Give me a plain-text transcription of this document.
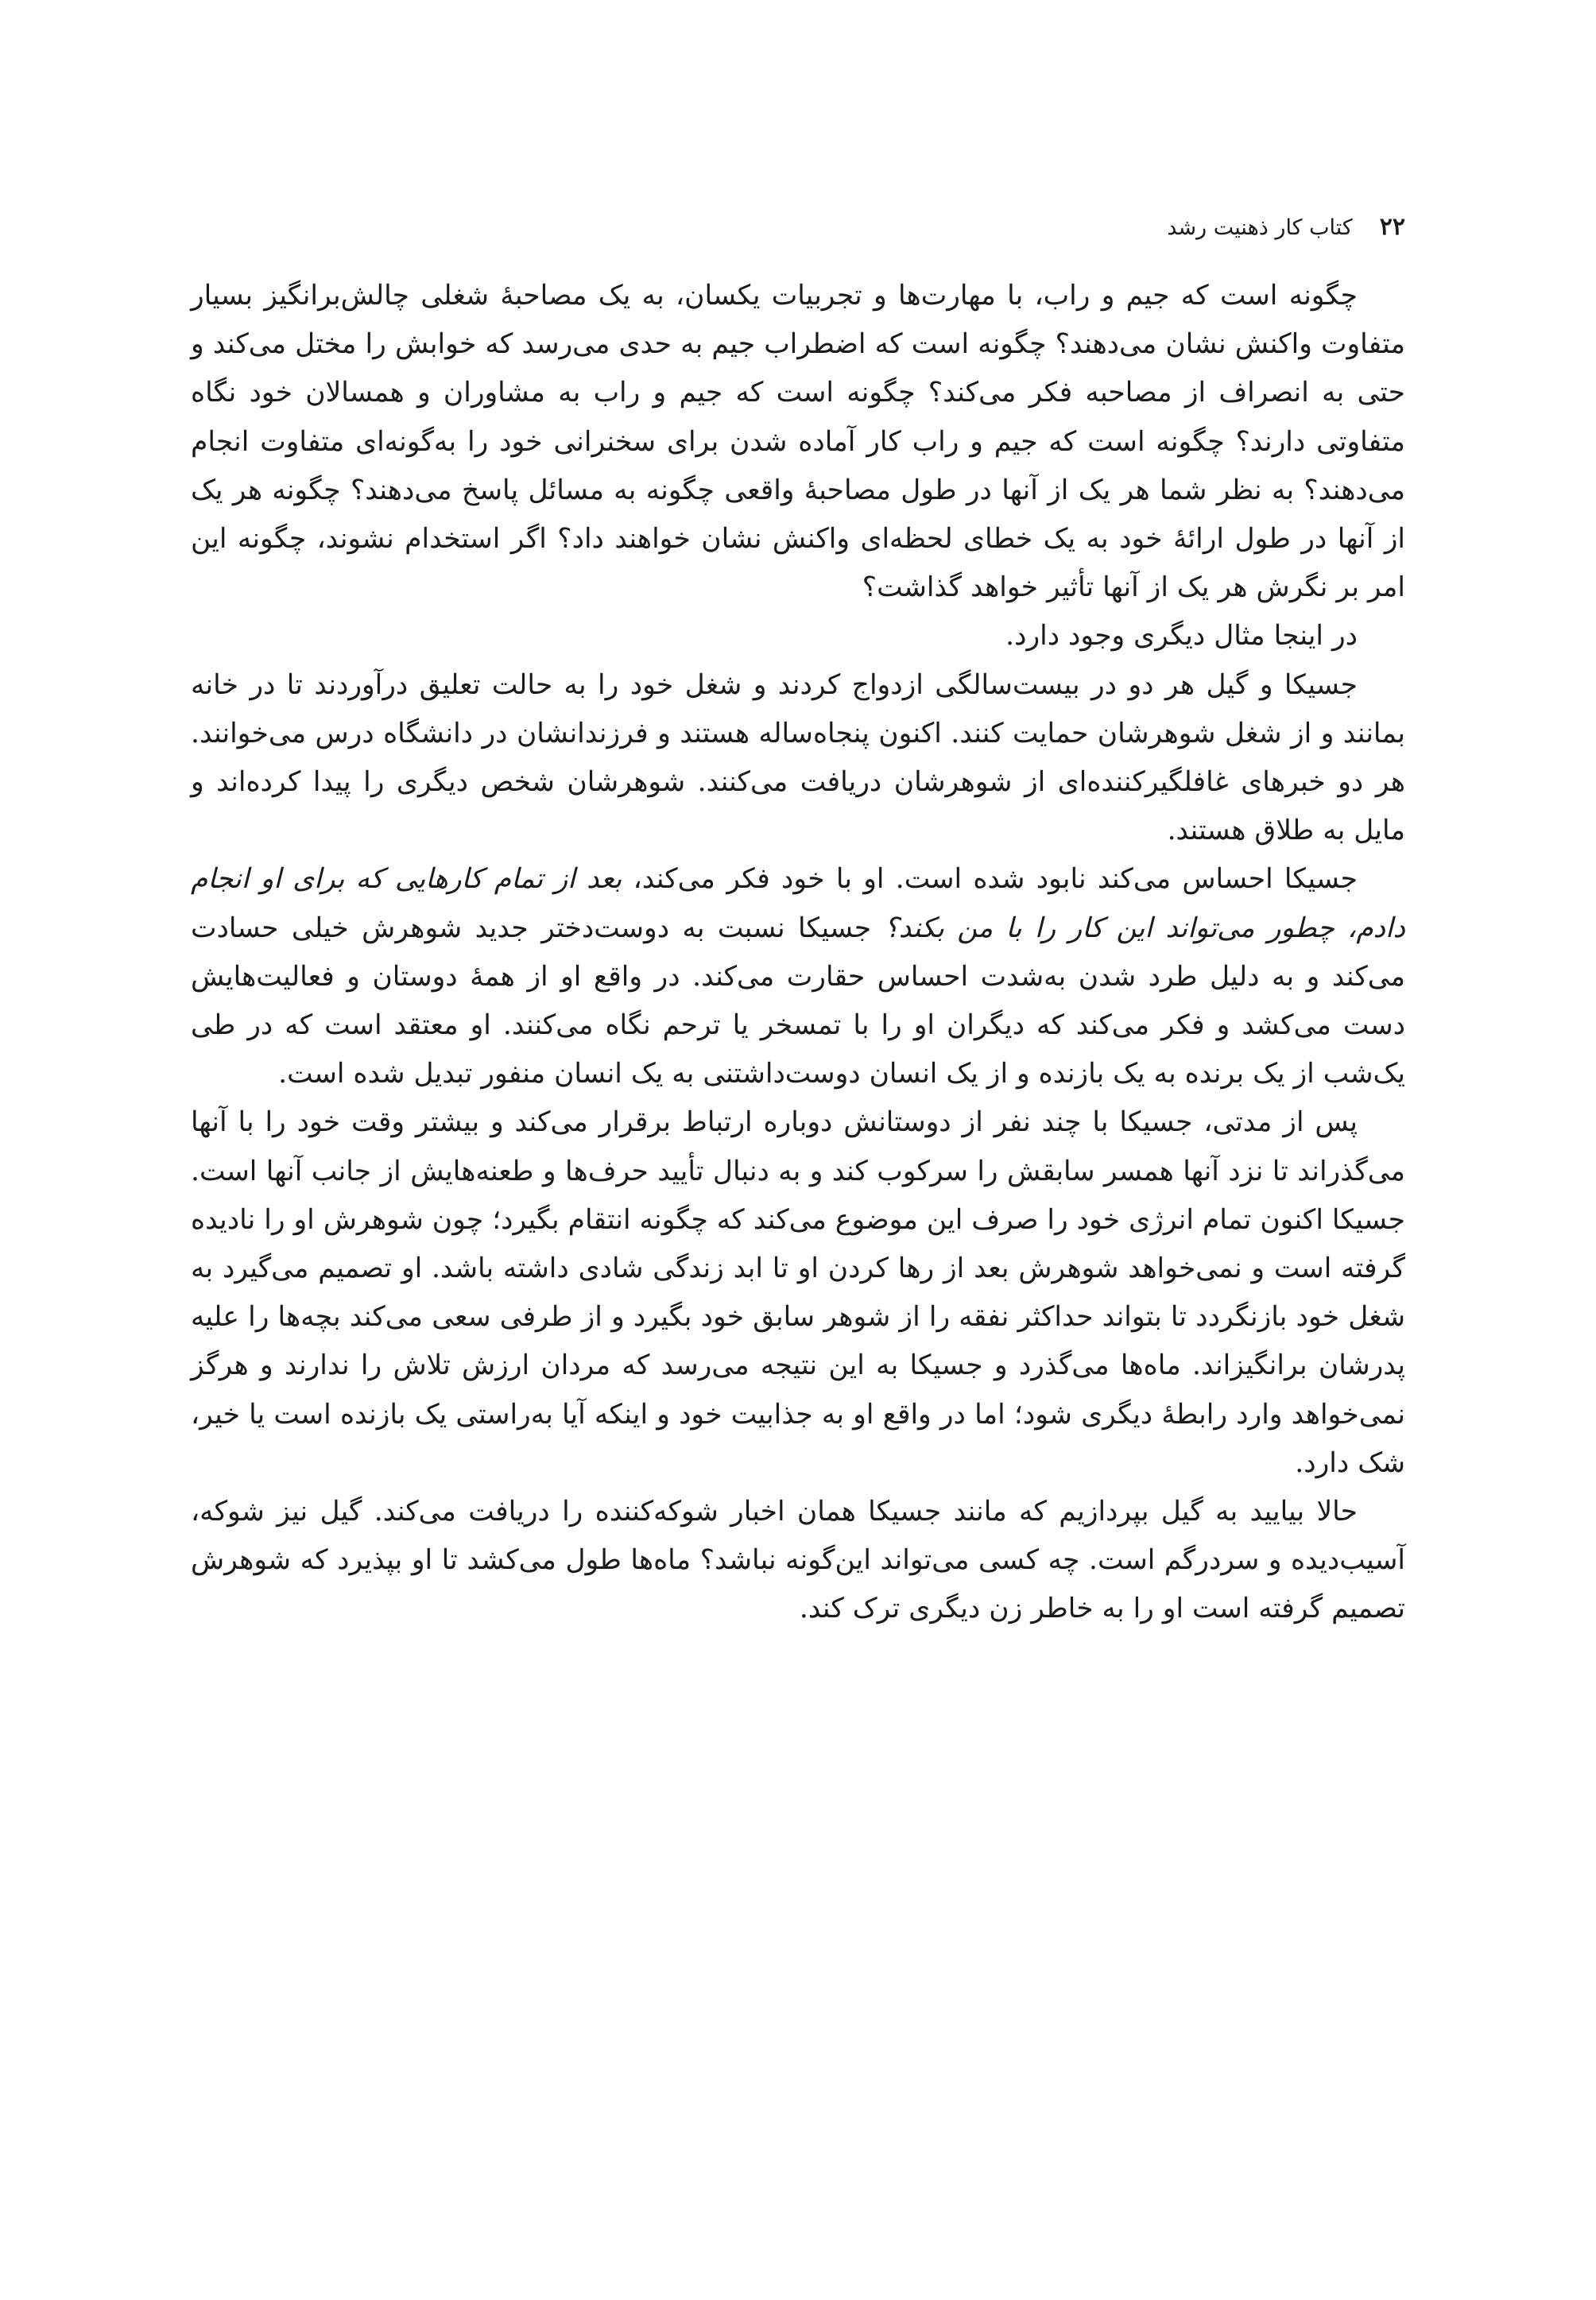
۲۲
کتاب کار ذهنیت رشد

چگونه است که جیم و راب، با مهارت‌ها و تجربیات یکسان، به یک مصاحبهٔ شغلی چالش‌برانگیز بسیار متفاوت واکنش نشان می‌دهند؟ چگونه است که اضطراب جیم به حدی می‌رسد که خوابش را مختل می‌کند و حتی به انصراف از مصاحبه فکر می‌کند؟ چگونه است که جیم و راب به مشاوران و همسالان خود نگاه متفاوتی دارند؟ چگونه است که جیم و راب کار آماده شدن برای سخنرانی خود را به‌گونه‌ای متفاوت انجام می‌دهند؟ به نظر شما هر یک از آنها در طول مصاحبهٔ واقعی چگونه به مسائل پاسخ می‌دهند؟ چگونه هر یک از آنها در طول ارائهٔ خود به یک خطای لحظه‌ای واکنش نشان خواهند داد؟ اگر استخدام نشوند، چگونه این امر بر نگرش هر یک از آنها تأثیر خواهد گذاشت؟

در اینجا مثال دیگری وجود دارد.

جسیکا و گیل هر دو در بیست‌سالگی ازدواج کردند و شغل خود را به حالت تعلیق درآوردند تا در خانه بمانند و از شغل شوهرشان حمایت کنند. اکنون پنجاه‌ساله هستند و فرزندانشان در دانشگاه درس می‌خوانند. هر دو خبرهای غافلگیرکننده‌ای از شوهرشان دریافت می‌کنند. شوهرشان شخص دیگری را پیدا کرده‌اند و مایل به طلاق هستند.

جسیکا احساس می‌کند نابود شده است. او با خود فکر می‌کند، بعد از تمام کارهایی که برای او انجام دادم، چطور می‌تواند این کار را با من بکند؟ جسیکا نسبت به دوست‌دختر جدید شوهرش خیلی حسادت می‌کند و به دلیل طرد شدن به‌شدت احساس حقارت می‌کند. در واقع او از همهٔ دوستان و فعالیت‌هایش دست می‌کشد و فکر می‌کند که دیگران او را با تمسخر یا ترحم نگاه می‌کنند. او معتقد است که در طی یک‌شب از یک برنده به یک بازنده و از یک انسان دوست‌داشتنی به یک انسان منفور تبدیل شده است.

پس از مدتی، جسیکا با چند نفر از دوستانش دوباره ارتباط برقرار می‌کند و بیشتر وقت خود را با آنها می‌گذراند تا نزد آنها همسر سابقش را سرکوب کند و به دنبال تأیید حرف‌ها و طعنه‌هایش از جانب آنها است. جسیکا اکنون تمام انرژی خود را صرف این موضوع می‌کند که چگونه انتقام بگیرد؛ چون شوهرش او را نادیده گرفته است و نمی‌خواهد شوهرش بعد از رها کردن او تا ابد زندگی شادی داشته باشد. او تصمیم می‌گیرد به شغل خود بازنگردد تا بتواند حداکثر نفقه را از شوهر سابق خود بگیرد و از طرفی سعی می‌کند بچه‌ها را علیه پدرشان برانگیزاند. ماه‌ها می‌گذرد و جسیکا به این نتیجه می‌رسد که مردان ارزش تلاش را ندارند و هرگز نمی‌خواهد وارد رابطهٔ دیگری شود؛ اما در واقع او به جذابیت خود و اینکه آیا به‌راستی یک بازنده است یا خیر، شک دارد.

حالا بیایید به گیل بپردازیم که مانند جسیکا همان اخبار شوکه‌کننده را دریافت می‌کند. گیل نیز شوکه، آسیب‌دیده و سردرگم است. چه کسی می‌تواند این‌گونه نباشد؟ ماه‌ها طول می‌کشد تا او بپذیرد که شوهرش تصمیم گرفته است او را به خاطر زن دیگری ترک کند.
